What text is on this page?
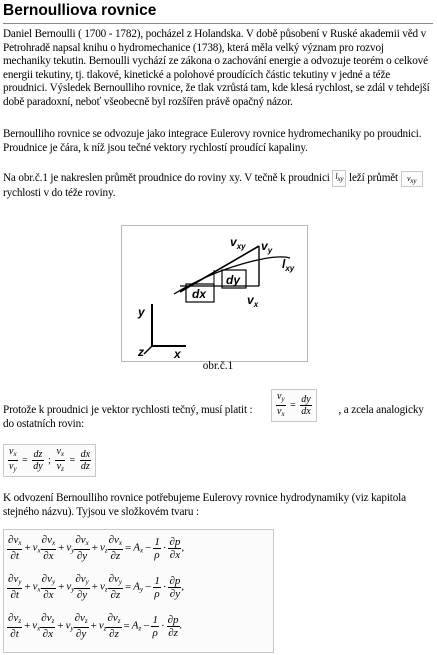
Bernoulliova rovnice

Daniel Bernoulli ( 1700 - 1782), pocházel z Holandska. V době působení v Ruské akademii věd v Petrohradě napsal knihu o hydromechanice (1738), která měla velký význam pro rozvoj mechaniky tekutin. Bernoulli vychází ze zákona o zachování energie a odvozuje teorém o celkové energii tekutiny, tj. tlakové, kinetické a polohové proudících částic tekutiny v jedné a téže proudnici. Výsledek Bernoulliho rovnice, že tlak vzrůstá tam, kde klesá rychlost, se zdál v tehdejší době paradoxní, neboť všeobecně byl rozšířen právě opačný názor.

Bernoulliho rovnice se odvozuje jako integrace Eulerovy rovnice hydromechaniky po proudnici. Proudnice je čára, k níž jsou tečné vektory rychlostí proudící kapaliny.

Na obr.č.1 je nakreslen průmět proudnice do roviny xy. V tečně k proudnici $l_{xy}$ leží průmět $v_{xy}$ rychlosti v do téže roviny.

$v_{xy}$ $v_y$
$l_{xy}$
dy
dx	$v_x$
y
x
z
obr.č.1
$\frac{v_y}{v_x} = \frac{dy}{dx}$

Protože k proudnici je vektor rychlosti tečný, musí platit :	, a zcela analogicky do ostatních rovin:

$\frac{v_x}{v_y} = \frac{dz}{dy}$ ; $\frac{v_x}{v_z} = \frac{dx}{dz}$

K odvození Bernoulliho rovnice potřebujeme Eulerovy rovnice hydrodynamiky (viz kapitola stejného názvu). Tyjsou ve složkovém tvaru :

$\frac{\partial v_x}{\partial t} + v_x \frac{\partial v_x}{\partial x} + v_y \frac{\partial v_x}{\partial y} + v_z \frac{\partial v_x}{\partial z} = A_x - \frac{1}{\rho} \cdot \frac{\partial p}{\partial x}$ ,
$\frac{\partial v_y}{\partial t} + v_x \frac{\partial v_y}{\partial x} + v_y \frac{\partial v_y}{\partial y} + v_z \frac{\partial v_y}{\partial z} = A_y - \frac{1}{\rho} \cdot \frac{\partial p}{\partial y}$ ,
$\frac{\partial v_z}{\partial t} + v_x \frac{\partial v_z}{\partial x} + v_y \frac{\partial v_z}{\partial y} + v_z \frac{\partial v_z}{\partial z} = A_z - \frac{1}{\rho} \cdot \frac{\partial p}{\partial z}$ .
